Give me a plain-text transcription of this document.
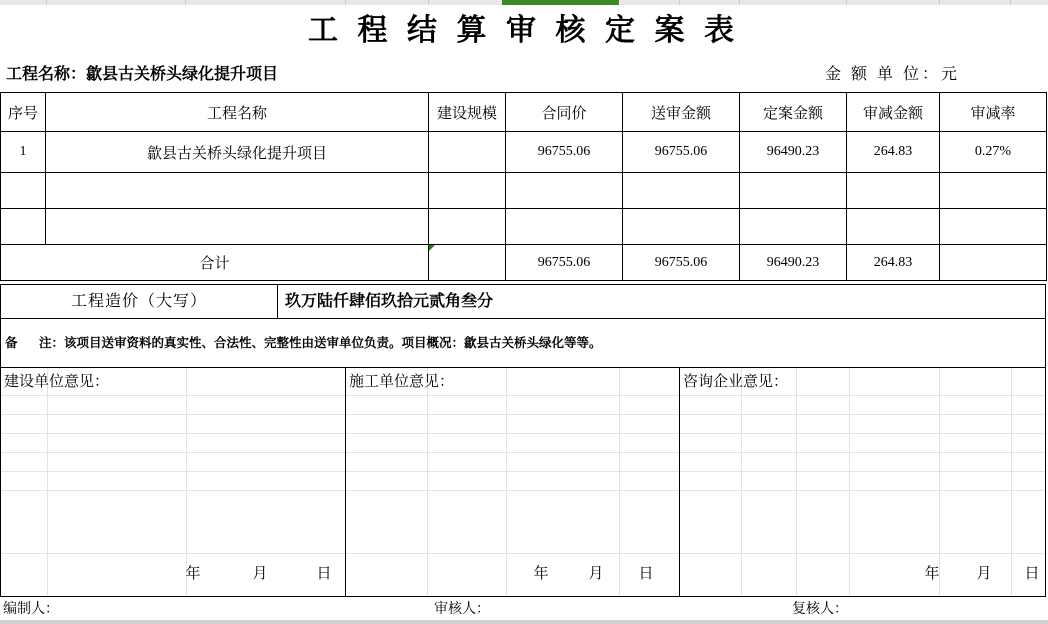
工 程 结 算 审 核 定 案 表
工程名称：歙县古关桥头绿化提升项目	金 额 单 位：元
序号	工程名称	建设规模	合同价	送审金额	定案金额	审减金额	审减率
1	歙县古关桥头绿化提升项目		96755.06	96755.06	96490.23	264.83	0.27%

合计			96755.06	96755.06	96490.23	264.83	
工程造价（大写）	玖万陆仟肆佰玖拾元贰角叁分
备 注：该项目送审资料的真实性、合法性、完整性由送审单位负责。项目概况：歙县古关桥头绿化等等。
建设单位意见：	施工单位意见：	咨询企业意见：
年	月	日	年	月 日	年 月 日
编制人：	审核人：	复核人：
